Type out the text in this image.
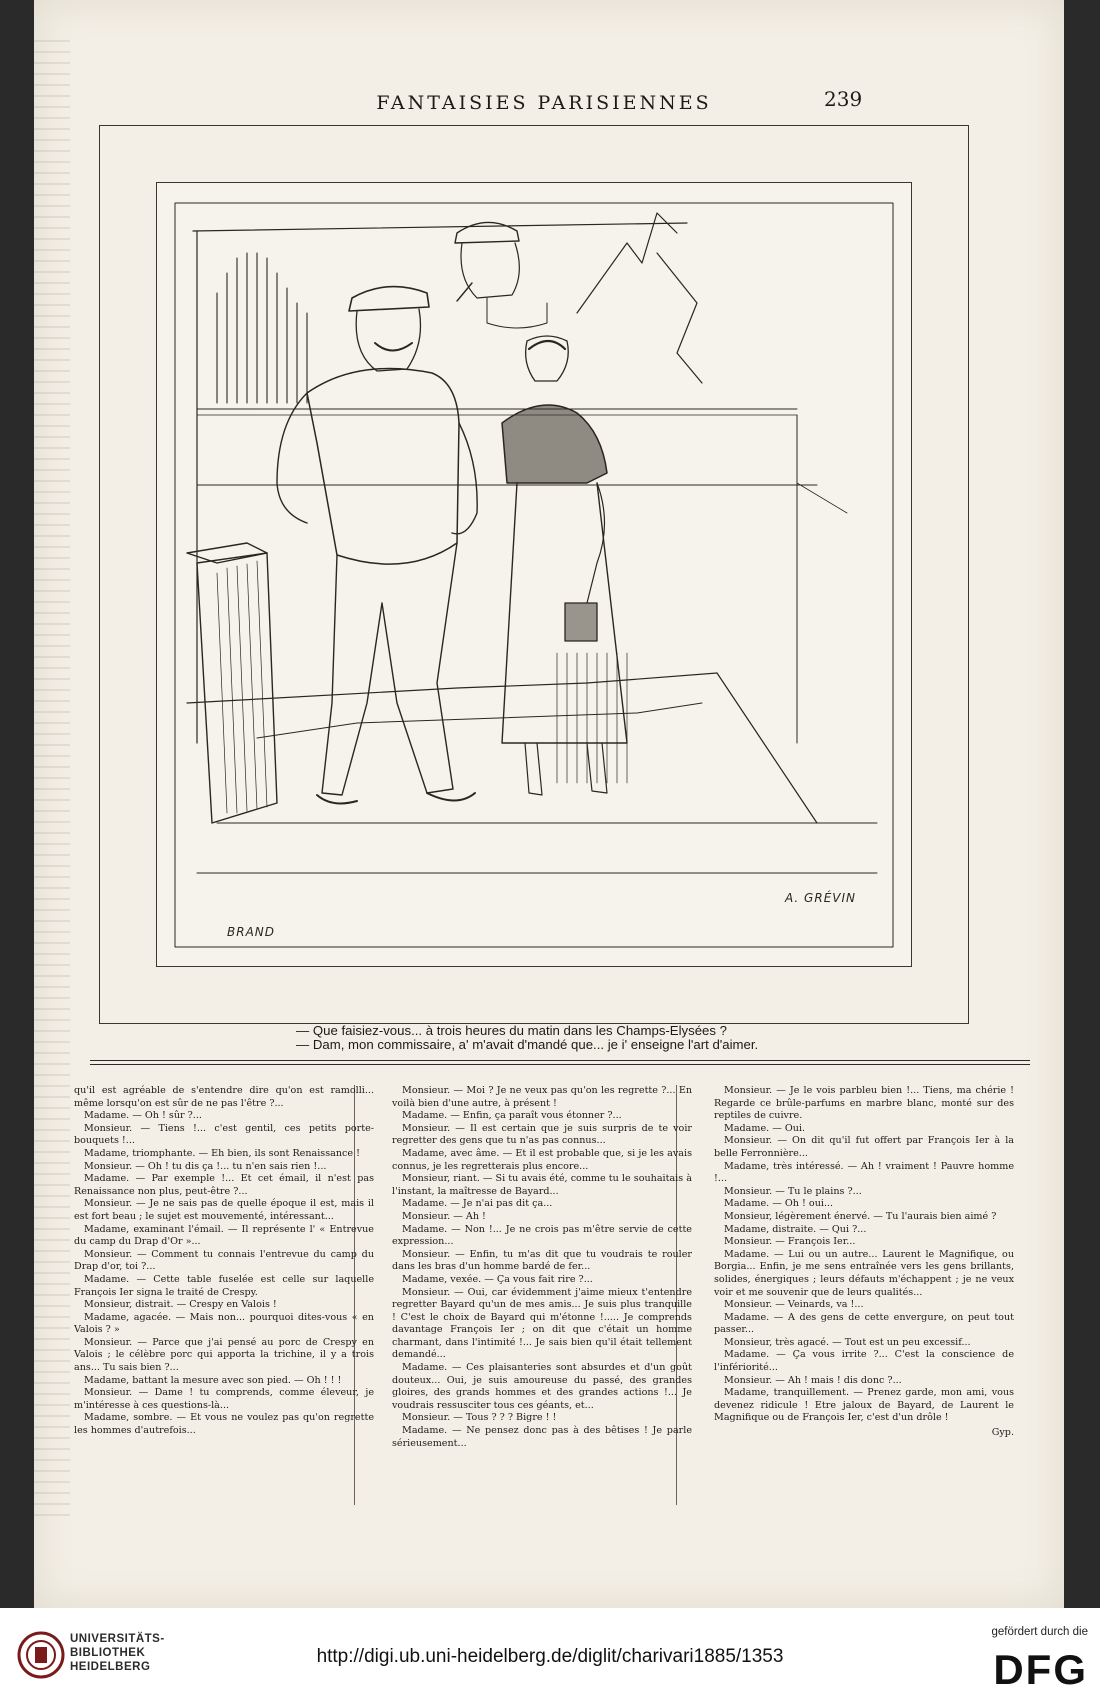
FANTAISIES PARISIENNES	239
BRAND
A. GRÉVIN

— Que faisiez-vous... à trois heures du matin dans les Champs-Elysées ?

— Dam, mon commissaire, a' m'avait d'mandé que... je i' enseigne l'art d'aimer.

qu'il est agréable de s'entendre dire qu'on est ramolli... même lorsqu'on est sûr de ne pas l'être ?...

Madame. — Oh ! sûr ?...

Monsieur. — Tiens !... c'est gentil, ces petits porte-bouquets !...

Madame, triomphante. — Eh bien, ils sont Renaissance !

Monsieur. — Oh ! tu dis ça !... tu n'en sais rien !...

Madame. — Par exemple !... Et cet émail, il n'est pas Renaissance non plus, peut-être ?...

Monsieur. — Je ne sais pas de quelle époque il est, mais il est fort beau ; le sujet est mouvementé, intéressant...

Madame, examinant l'émail. — Il représente l' « Entrevue du camp du Drap d'Or »...

Monsieur. — Comment tu connais l'entrevue du camp du Drap d'or, toi ?...

Madame. — Cette table fuselée est celle sur laquelle François Ier signa le traité de Crespy.

Monsieur, distrait. — Crespy en Valois !

Madame, agacée. — Mais non... pourquoi dites-vous « en Valois ? »

Monsieur. — Parce que j'ai pensé au porc de Crespy en Valois ; le célèbre porc qui apporta la trichine, il y a trois ans... Tu sais bien ?...

Madame, battant la mesure avec son pied. — Oh ! ! !

Monsieur. — Dame ! tu comprends, comme éleveur, je m'intéresse à ces questions-là...

Madame, sombre. — Et vous ne voulez pas qu'on regrette les hommes d'autrefois...

Monsieur. — Moi ? Je ne veux pas qu'on les regrette ?... En voilà bien d'une autre, à présent !

Madame. — Enfin, ça paraît vous étonner ?...

Monsieur. — Il est certain que je suis surpris de te voir regretter des gens que tu n'as pas connus...

Madame, avec âme. — Et il est probable que, si je les avais connus, je les regretterais plus encore...

Monsieur, riant. — Si tu avais été, comme tu le souhaitais à l'instant, la maîtresse de Bayard...

Madame. — Je n'ai pas dit ça...

Monsieur. — Ah !

Madame. — Non !... Je ne crois pas m'être servie de cette expression...

Monsieur. — Enfin, tu m'as dit que tu voudrais te rouler dans les bras d'un homme bardé de fer...

Madame, vexée. — Ça vous fait rire ?...

Monsieur. — Oui, car évidemment j'aime mieux t'entendre regretter Bayard qu'un de mes amis... Je suis plus tranquille ! C'est le choix de Bayard qui m'étonne !..... Je comprends davantage François Ier ; on dit que c'était un homme charmant, dans l'intimité !... Je sais bien qu'il était tellement demandé...

Madame. — Ces plaisanteries sont absurdes et d'un goût douteux... Oui, je suis amoureuse du passé, des grandes gloires, des grands hommes et des grandes actions !... Je voudrais ressusciter tous ces géants, et...

Monsieur. — Tous ? ? ? Bigre ! !

Madame. — Ne pensez donc pas à des bêtises ! Je parle sérieusement...

Monsieur. — Je le vois parbleu bien !... Tiens, ma chérie ! Regarde ce brûle-parfums en marbre blanc, monté sur des reptiles de cuivre.

Madame. — Oui.

Monsieur. — On dit qu'il fut offert par François Ier à la belle Ferronnière...

Madame, très intéressé. — Ah ! vraiment ! Pauvre homme !...

Monsieur. — Tu le plains ?...

Madame. — Oh ! oui...

Monsieur, légèrement énervé. — Tu l'aurais bien aimé ?

Madame, distraite. — Qui ?...

Monsieur. — François Ier...

Madame. — Lui ou un autre... Laurent le Magnifique, ou Borgia... Enfin, je me sens entraînée vers les gens brillants, solides, énergiques ; leurs défauts m'échappent ; je ne veux voir et me souvenir que de leurs qualités...

Monsieur. — Veinards, va !...

Madame. — A des gens de cette envergure, on peut tout passer...

Monsieur, très agacé. — Tout est un peu excessif...

Madame. — Ça vous irrite ?... C'est la conscience de l'infériorité...

Monsieur. — Ah ! mais ! dis donc ?...

Madame, tranquillement. — Prenez garde, mon ami, vous devenez ridicule ! Etre jaloux de Bayard, de Laurent le Magnifique ou de François Ier, c'est d'un drôle !

Gyp.

UNIVERSITÄTS-
BIBLIOTHEK
HEIDELBERG	http://digi.ub.uni-heidelberg.de/diglit/charivari1885/1353
gefördert durch die
DFG
